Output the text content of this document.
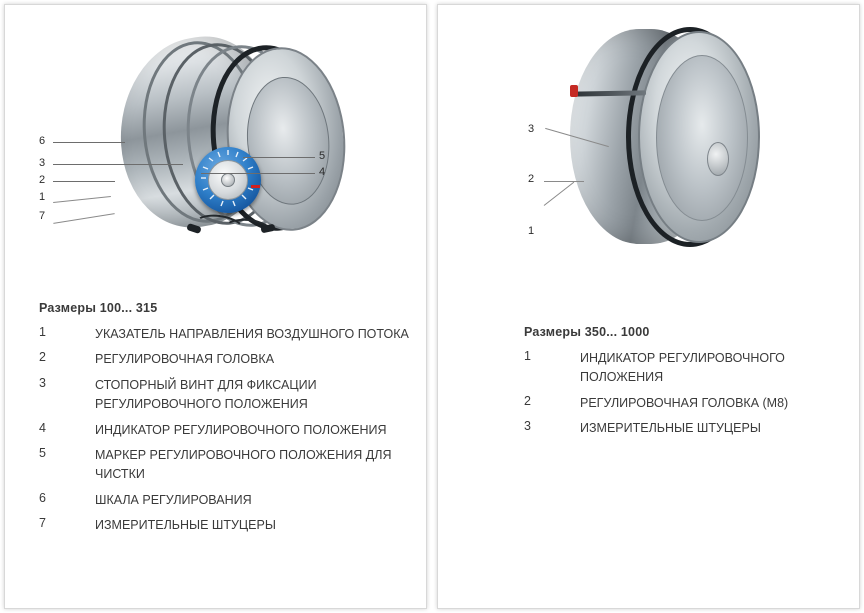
6
3
2
1
7
5
4
Размеры 100... 315
1	УКАЗАТЕЛЬ НАПРАВЛЕНИЯ ВОЗДУШНОГО ПОТОКА
2	РЕГУЛИРОВОЧНАЯ ГОЛОВКА
3	СТОПОРНЫЙ ВИНТ ДЛЯ ФИКСАЦИИ РЕГУЛИРОВОЧНОГО ПОЛОЖЕНИЯ
4	ИНДИКАТОР РЕГУЛИРОВОЧНОГО ПОЛОЖЕНИЯ
5	МАРКЕР РЕГУЛИРОВОЧНОГО ПОЛОЖЕНИЯ ДЛЯ ЧИСТКИ
6	ШКАЛА РЕГУЛИРОВАНИЯ
7	ИЗМЕРИТЕЛЬНЫЕ ШТУЦЕРЫ
3
2
1
Размеры 350... 1000
1	ИНДИКАТОР РЕГУЛИРОВОЧНОГО ПОЛОЖЕНИЯ
2	РЕГУЛИРОВОЧНАЯ ГОЛОВКА (M8)
3	ИЗМЕРИТЕЛЬНЫЕ ШТУЦЕРЫ
